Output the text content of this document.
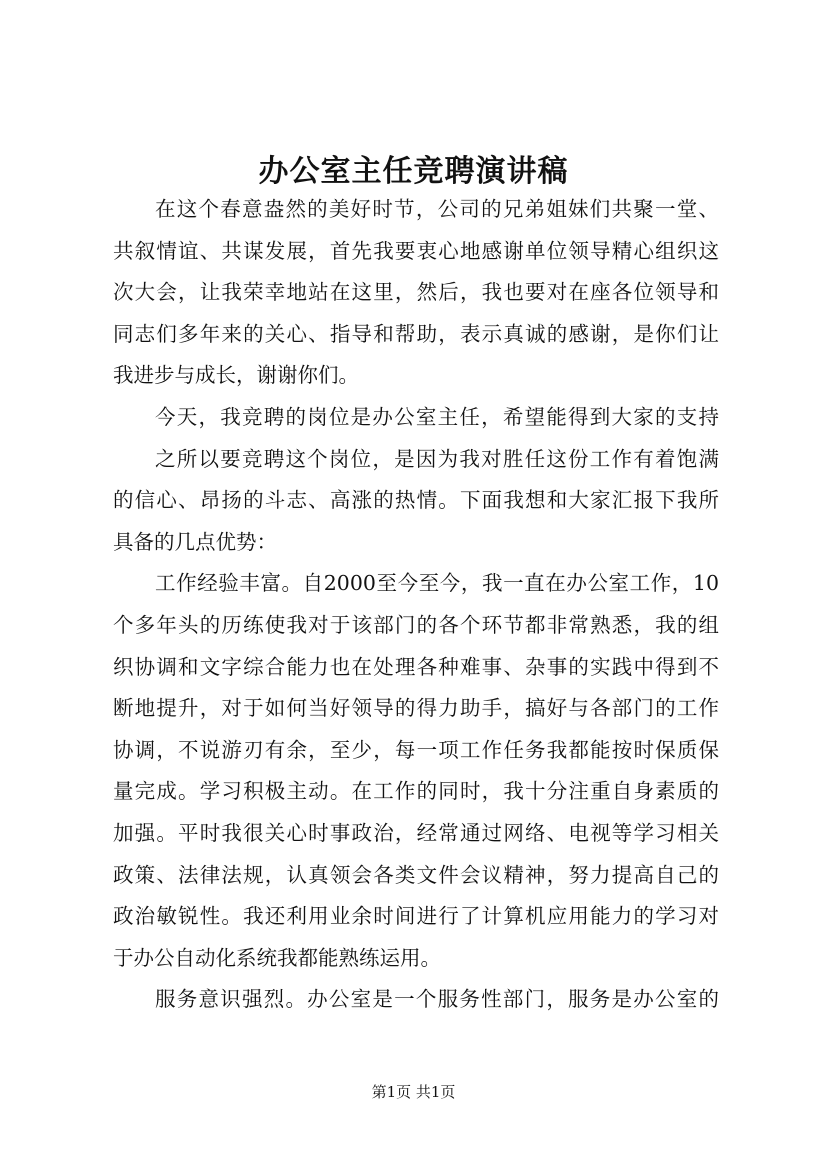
办公室主任竞聘演讲稿
在这个春意盎然的美好时节，公司的兄弟姐妹们共聚一堂、
共叙情谊、共谋发展，首先我要衷心地感谢单位领导精心组织这
次大会，让我荣幸地站在这里，然后，我也要对在座各位领导和
同志们多年来的关心、指导和帮助，表示真诚的感谢，是你们让
我进步与成长，谢谢你们。
今天，我竞聘的岗位是办公室主任，希望能得到大家的支持
之所以要竞聘这个岗位，是因为我对胜任这份工作有着饱满
的信心、昂扬的斗志、高涨的热情。下面我想和大家汇报下我所
具备的几点优势：
工作经验丰富。自2000至今至今，我一直在办公室工作，10
个多年头的历练使我对于该部门的各个环节都非常熟悉，我的组
织协调和文字综合能力也在处理各种难事、杂事的实践中得到不
断地提升，对于如何当好领导的得力助手，搞好与各部门的工作
协调，不说游刃有余，至少，每一项工作任务我都能按时保质保
量完成。学习积极主动。在工作的同时，我十分注重自身素质的
加强。平时我很关心时事政治，经常通过网络、电视等学习相关
政策、法律法规，认真领会各类文件会议精神，努力提高自己的
政治敏锐性。我还利用业余时间进行了计算机应用能力的学习对
于办公自动化系统我都能熟练运用。
服务意识强烈。办公室是一个服务性部门，服务是办公室的
第1页 共1页
